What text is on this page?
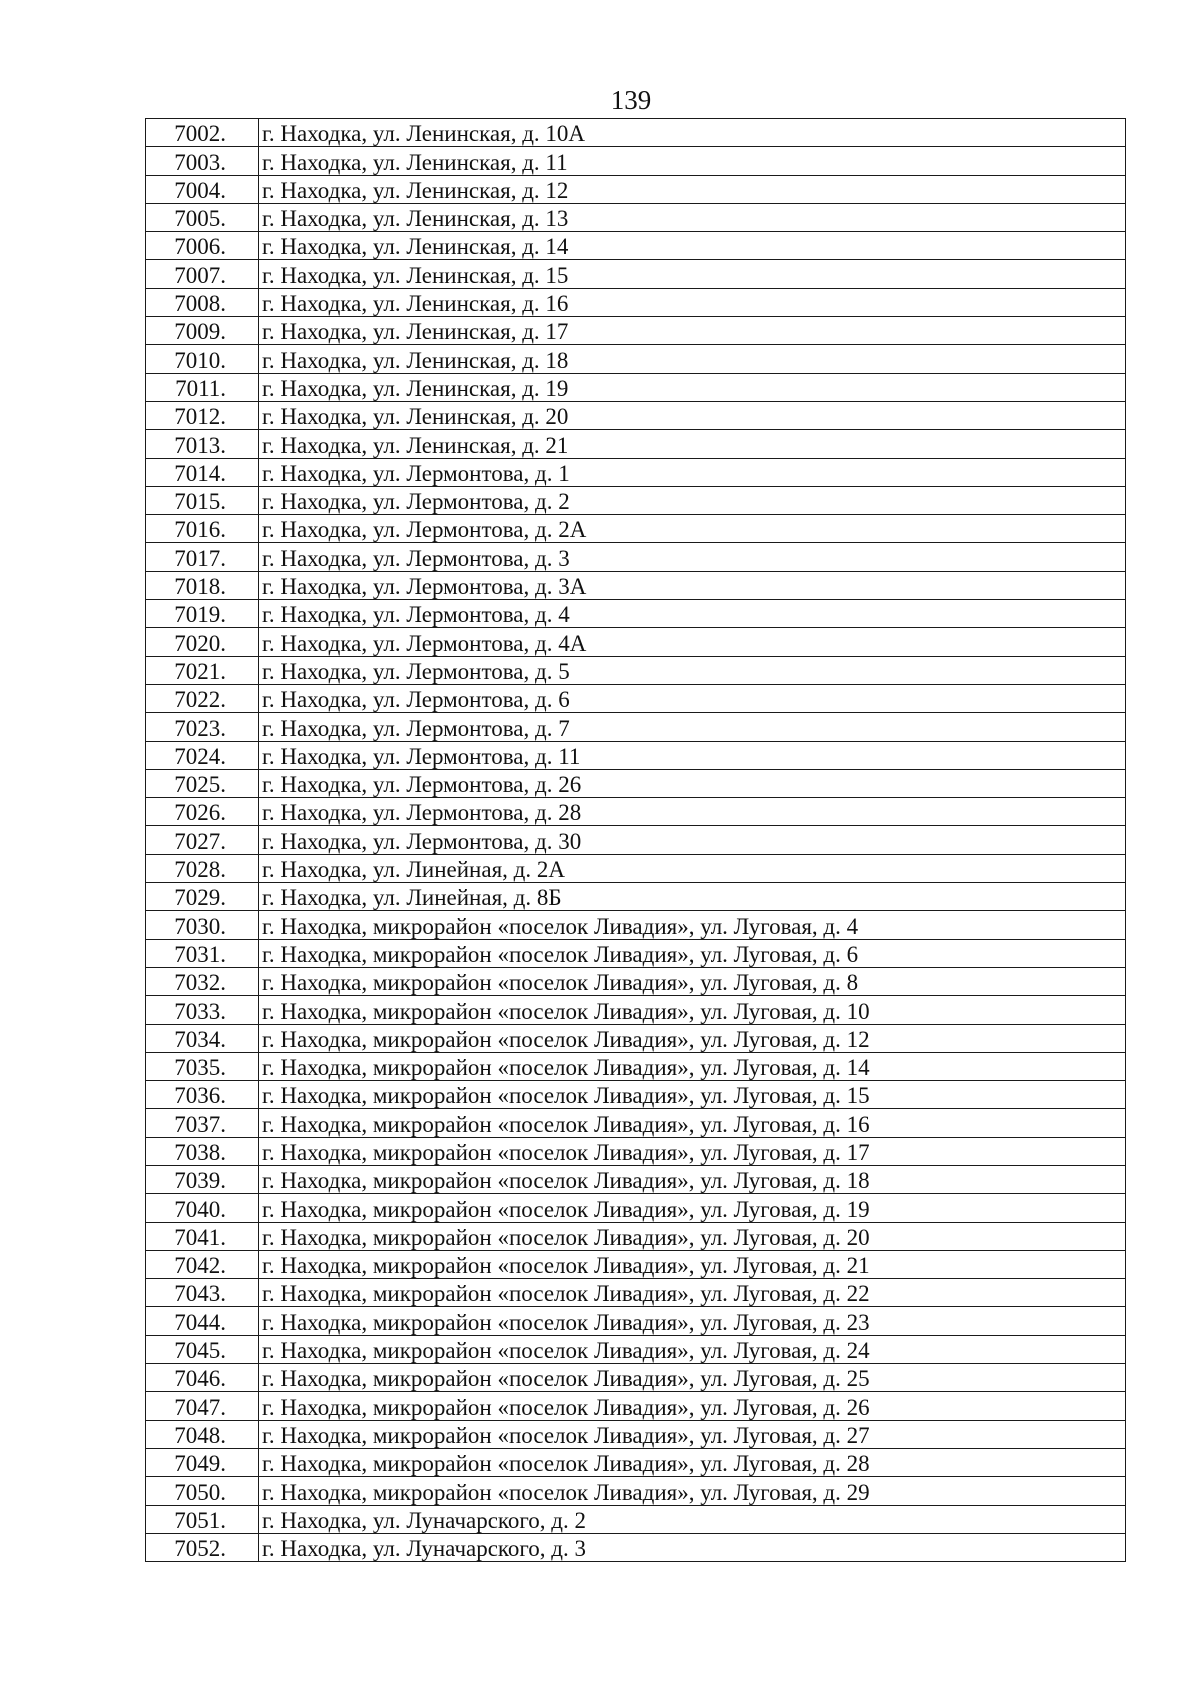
139
7002.	г. Находка, ул. Ленинская, д. 10А
7003.	г. Находка, ул. Ленинская, д. 11
7004.	г. Находка, ул. Ленинская, д. 12
7005.	г. Находка, ул. Ленинская, д. 13
7006.	г. Находка, ул. Ленинская, д. 14
7007.	г. Находка, ул. Ленинская, д. 15
7008.	г. Находка, ул. Ленинская, д. 16
7009.	г. Находка, ул. Ленинская, д. 17
7010.	г. Находка, ул. Ленинская, д. 18
7011.	г. Находка, ул. Ленинская, д. 19
7012.	г. Находка, ул. Ленинская, д. 20
7013.	г. Находка, ул. Ленинская, д. 21
7014.	г. Находка, ул. Лермонтова, д. 1
7015.	г. Находка, ул. Лермонтова, д. 2
7016.	г. Находка, ул. Лермонтова, д. 2А
7017.	г. Находка, ул. Лермонтова, д. 3
7018.	г. Находка, ул. Лермонтова, д. 3А
7019.	г. Находка, ул. Лермонтова, д. 4
7020.	г. Находка, ул. Лермонтова, д. 4А
7021.	г. Находка, ул. Лермонтова, д. 5
7022.	г. Находка, ул. Лермонтова, д. 6
7023.	г. Находка, ул. Лермонтова, д. 7
7024.	г. Находка, ул. Лермонтова, д. 11
7025.	г. Находка, ул. Лермонтова, д. 26
7026.	г. Находка, ул. Лермонтова, д. 28
7027.	г. Находка, ул. Лермонтова, д. 30
7028.	г. Находка, ул. Линейная, д. 2А
7029.	г. Находка, ул. Линейная, д. 8Б
7030.	г. Находка, микрорайон «поселок Ливадия», ул. Луговая, д. 4
7031.	г. Находка, микрорайон «поселок Ливадия», ул. Луговая, д. 6
7032.	г. Находка, микрорайон «поселок Ливадия», ул. Луговая, д. 8
7033.	г. Находка, микрорайон «поселок Ливадия», ул. Луговая, д. 10
7034.	г. Находка, микрорайон «поселок Ливадия», ул. Луговая, д. 12
7035.	г. Находка, микрорайон «поселок Ливадия», ул. Луговая, д. 14
7036.	г. Находка, микрорайон «поселок Ливадия», ул. Луговая, д. 15
7037.	г. Находка, микрорайон «поселок Ливадия», ул. Луговая, д. 16
7038.	г. Находка, микрорайон «поселок Ливадия», ул. Луговая, д. 17
7039.	г. Находка, микрорайон «поселок Ливадия», ул. Луговая, д. 18
7040.	г. Находка, микрорайон «поселок Ливадия», ул. Луговая, д. 19
7041.	г. Находка, микрорайон «поселок Ливадия», ул. Луговая, д. 20
7042.	г. Находка, микрорайон «поселок Ливадия», ул. Луговая, д. 21
7043.	г. Находка, микрорайон «поселок Ливадия», ул. Луговая, д. 22
7044.	г. Находка, микрорайон «поселок Ливадия», ул. Луговая, д. 23
7045.	г. Находка, микрорайон «поселок Ливадия», ул. Луговая, д. 24
7046.	г. Находка, микрорайон «поселок Ливадия», ул. Луговая, д. 25
7047.	г. Находка, микрорайон «поселок Ливадия», ул. Луговая, д. 26
7048.	г. Находка, микрорайон «поселок Ливадия», ул. Луговая, д. 27
7049.	г. Находка, микрорайон «поселок Ливадия», ул. Луговая, д. 28
7050.	г. Находка, микрорайон «поселок Ливадия», ул. Луговая, д. 29
7051.	г. Находка, ул. Луначарского, д. 2
7052.	г. Находка, ул. Луначарского, д. 3
